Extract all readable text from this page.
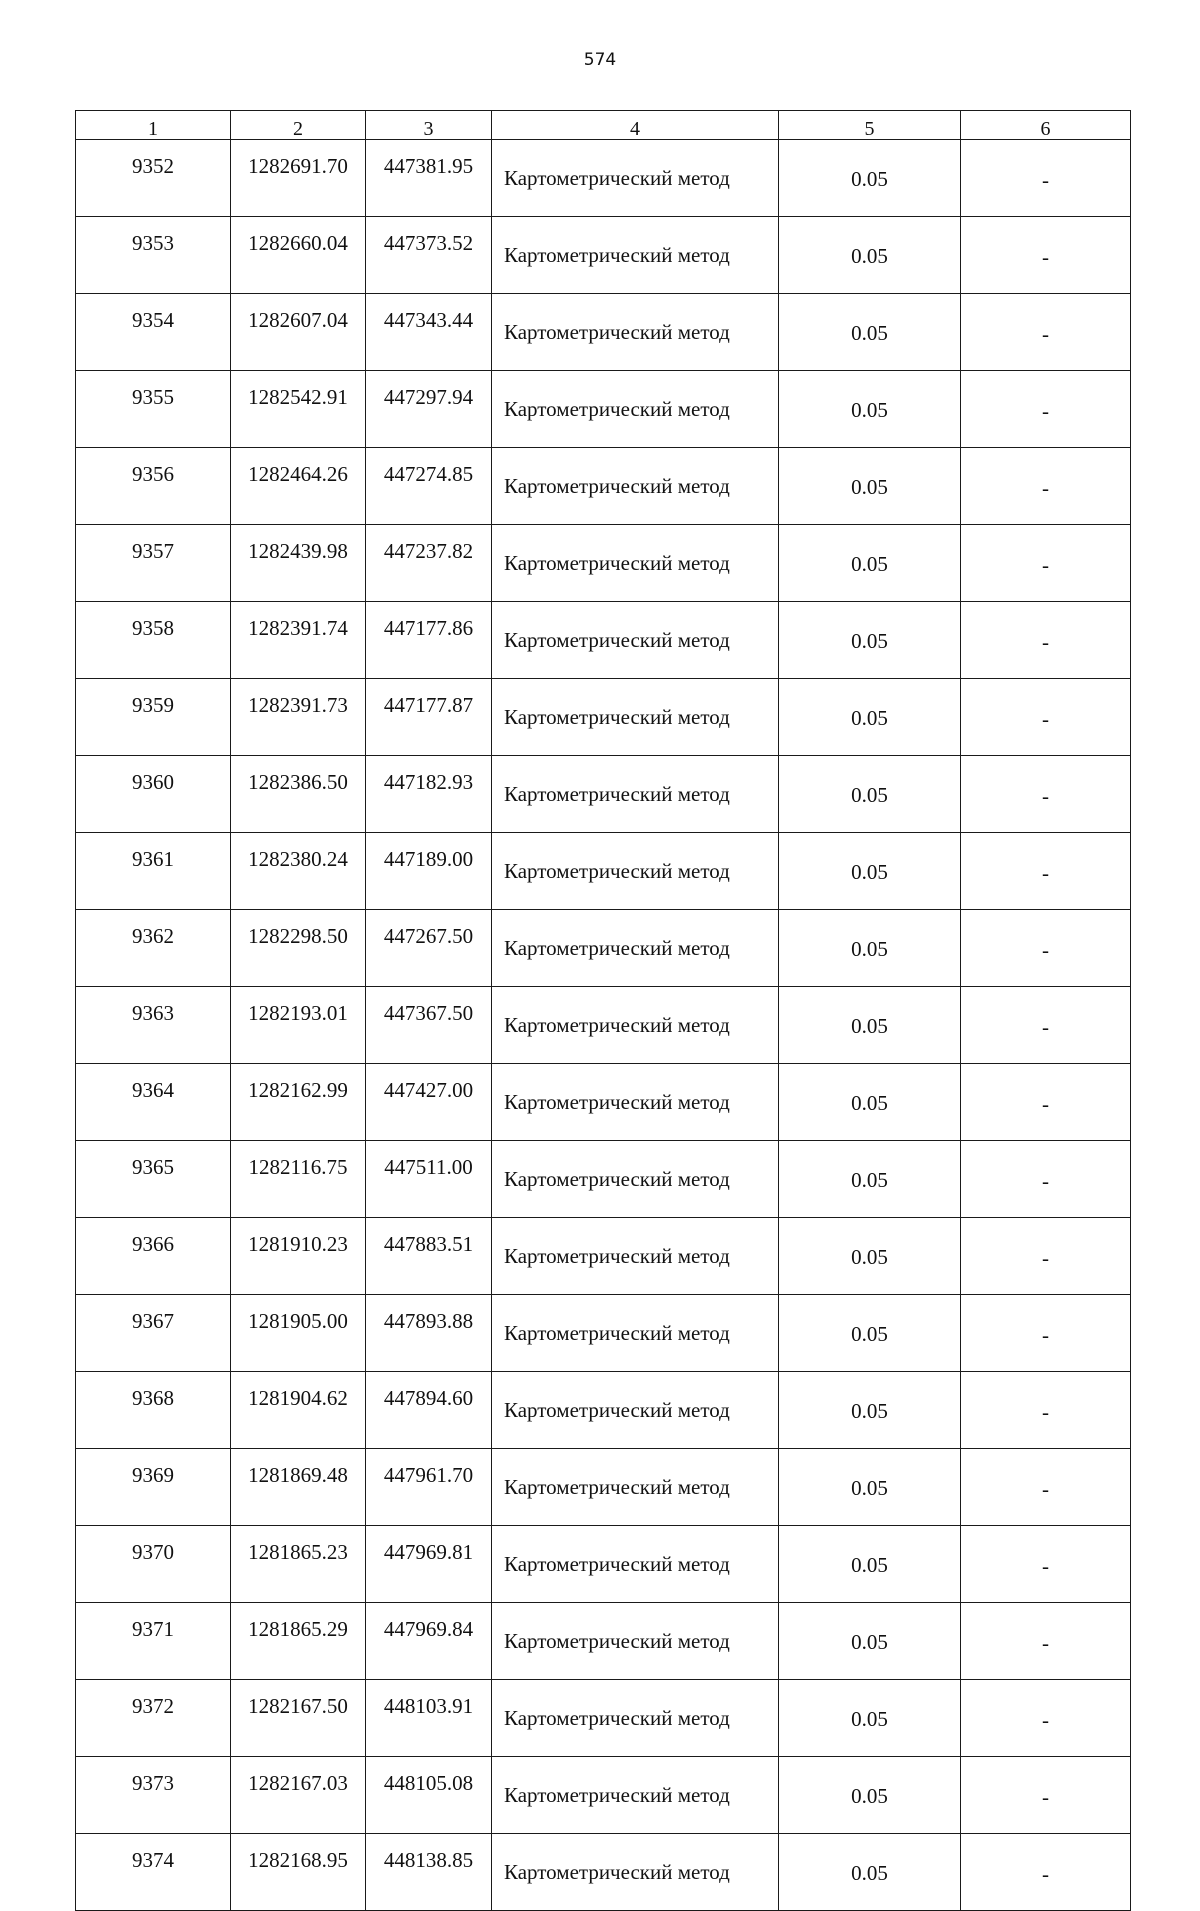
574
1	2	3	4	5	6
9352	1282691.70	447381.95	Картометрический метод	0.05	-
9353	1282660.04	447373.52	Картометрический метод	0.05	-
9354	1282607.04	447343.44	Картометрический метод	0.05	-
9355	1282542.91	447297.94	Картометрический метод	0.05	-
9356	1282464.26	447274.85	Картометрический метод	0.05	-
9357	1282439.98	447237.82	Картометрический метод	0.05	-
9358	1282391.74	447177.86	Картометрический метод	0.05	-
9359	1282391.73	447177.87	Картометрический метод	0.05	-
9360	1282386.50	447182.93	Картометрический метод	0.05	-
9361	1282380.24	447189.00	Картометрический метод	0.05	-
9362	1282298.50	447267.50	Картометрический метод	0.05	-
9363	1282193.01	447367.50	Картометрический метод	0.05	-
9364	1282162.99	447427.00	Картометрический метод	0.05	-
9365	1282116.75	447511.00	Картометрический метод	0.05	-
9366	1281910.23	447883.51	Картометрический метод	0.05	-
9367	1281905.00	447893.88	Картометрический метод	0.05	-
9368	1281904.62	447894.60	Картометрический метод	0.05	-
9369	1281869.48	447961.70	Картометрический метод	0.05	-
9370	1281865.23	447969.81	Картометрический метод	0.05	-
9371	1281865.29	447969.84	Картометрический метод	0.05	-
9372	1282167.50	448103.91	Картометрический метод	0.05	-
9373	1282167.03	448105.08	Картометрический метод	0.05	-
9374	1282168.95	448138.85	Картометрический метод	0.05	-
